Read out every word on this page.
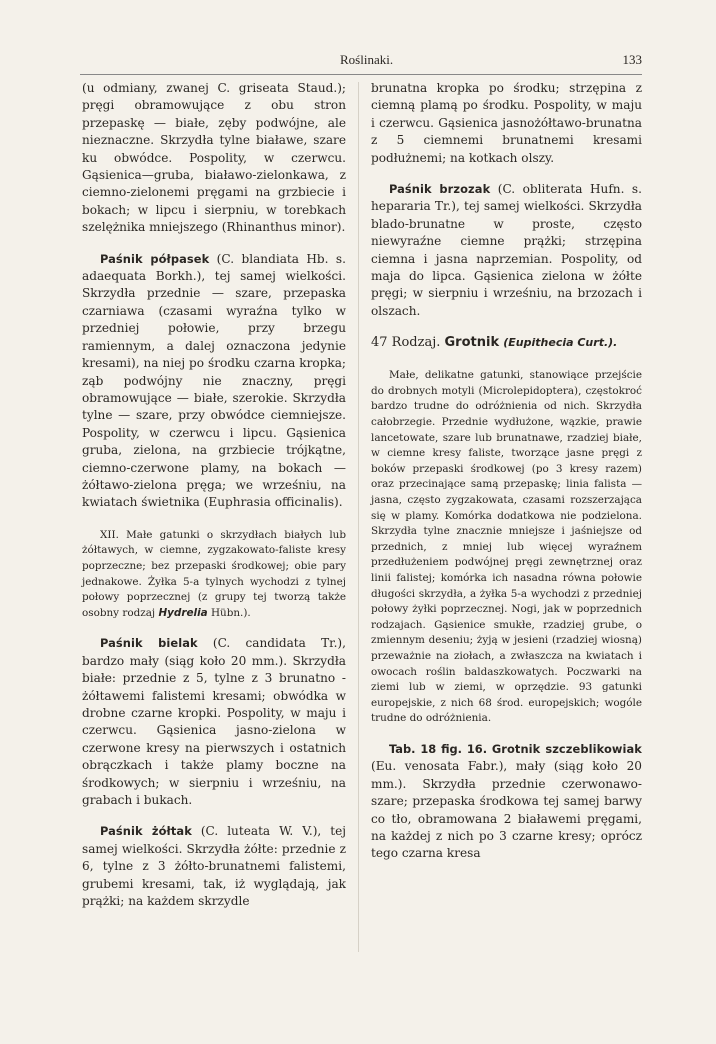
Roślinaki.	133

(u odmiany, zwanej C. griseata Staud.); pręgi obramowujące z obu stron przepaskę — białe, zęby podwójne, ale nieznaczne. Skrzydła tylne białawe, szare ku obwódce. Pospolity, w czerwcu. Gąsienica—gruba, białawo-zielonkawa, z ciemno-zielonemi pręgami na grzbiecie i bokach; w lipcu i sierpniu, w torebkach szelężnika mniejszego (Rhinanthus minor).

Paśnik półpasek (C. blandiata Hb. s. adaequata Borkh.), tej samej wielkości. Skrzydła przednie — szare, przepaska czarniawa (czasami wyraźna tylko w przedniej połowie, przy brzegu ramiennym, a dalej oznaczona jedynie kresami), na niej po środku czarna kropka; ząb podwójny nie znaczny, pręgi obramowujące — białe, szerokie. Skrzydła tylne — szare, przy obwódce ciemniejsze. Pospolity, w czerwcu i lipcu. Gąsienica gruba, zielona, na grzbiecie trójkątne, ciemno-czerwone plamy, na bokach — żółtawo-zielona pręga; we wrześniu, na kwiatach świetnika (Euphrasia officinalis).

XII. Małe gatunki o skrzydłach białych lub żółtawych, w ciemne, zygzakowato-faliste kresy poprzeczne; bez przepaski środkowej; obie pary jednakowe. Żyłka 5-a tylnych wychodzi z tylnej połowy poprzecznej (z grupy tej tworzą także osobny rodzaj Hydrelia Hübn.).

Paśnik bielak (C. candidata Tr.), bardzo mały (siąg koło 20 mm.). Skrzydła białe: przednie z 5, tylne z 3 brunatno - żółtawemi falistemi kresami; obwódka w drobne czarne kropki. Pospolity, w maju i czerwcu. Gąsienica jasno-zielona w czerwone kresy na pierwszych i ostatnich obrączkach i także plamy boczne na środkowych; w sierpniu i wrześniu, na grabach i bukach.

Paśnik żółtak (C. luteata W. V.), tej samej wielkości. Skrzydła żółte: przednie z 6, tylne z 3 żółto-brunatnemi falistemi, grubemi kresami, tak, iż wyglądają, jak prążki; na każdem skrzydle

brunatna kropka po środku; strzępina z ciemną plamą po środku. Pospolity, w maju i czerwcu. Gąsienica jasnożółtawo-brunatna z 5 ciemnemi brunatnemi kresami podłużnemi; na kotkach olszy.

Paśnik brzozak (C. obliterata Hufn. s. hepararia Tr.), tej samej wielkości. Skrzydła blado-brunatne w proste, często niewyraźne ciemne prążki; strzępina ciemna i jasna naprzemian. Pospolity, od maja do lipca. Gąsienica zielona w żółte pręgi; w sierpniu i wrześniu, na brzozach i olszach.

47 Rodzaj. Grotnik (Eupithecia Curt.).

Małe, delikatne gatunki, stanowiące przejście do drobnych motyli (Microlepidoptera), częstokroć bardzo trudne do odróżnienia od nich. Skrzydła całobrzegie. Przednie wydłużone, wązkie, prawie lancetowate, szare lub brunatnawe, rzadziej białe, w ciemne kresy faliste, tworzące jasne pręgi z boków przepaski środkowej (po 3 kresy razem) oraz przecinające samą przepaskę; linia falista — jasna, często zygzakowata, czasami rozszerzająca się w plamy. Komórka dodatkowa nie podzielona. Skrzydła tylne znacznie mniejsze i jaśniejsze od przednich, z mniej lub więcej wyraźnem przedłużeniem podwójnej pręgi zewnętrznej oraz linii falistej; komórka ich nasadna równa połowie długości skrzydła, a żyłka 5-a wychodzi z przedniej połowy żyłki poprzecznej. Nogi, jak w poprzednich rodzajach. Gąsienice smukłe, rzadziej grube, o zmiennym deseniu; żyją w jesieni (rzadziej wiosną) przeważnie na ziołach, a zwłaszcza na kwiatach i owocach roślin baldaszkowatych. Poczwarki na ziemi lub w ziemi, w oprzędzie. 93 gatunki europejskie, z nich 68 środ. europejskich; wogóle trudne do odróżnienia.

Tab. 18 fig. 16. Grotnik szczeblikowiak (Eu. venosata Fabr.), mały (siąg koło 20 mm.). Skrzydła przednie czerwonawo-szare; przepaska środkowa tej samej barwy co tło, obramowana 2 białawemi pręgami, na każdej z nich po 3 czarne kresy; oprócz tego czarna kresa
